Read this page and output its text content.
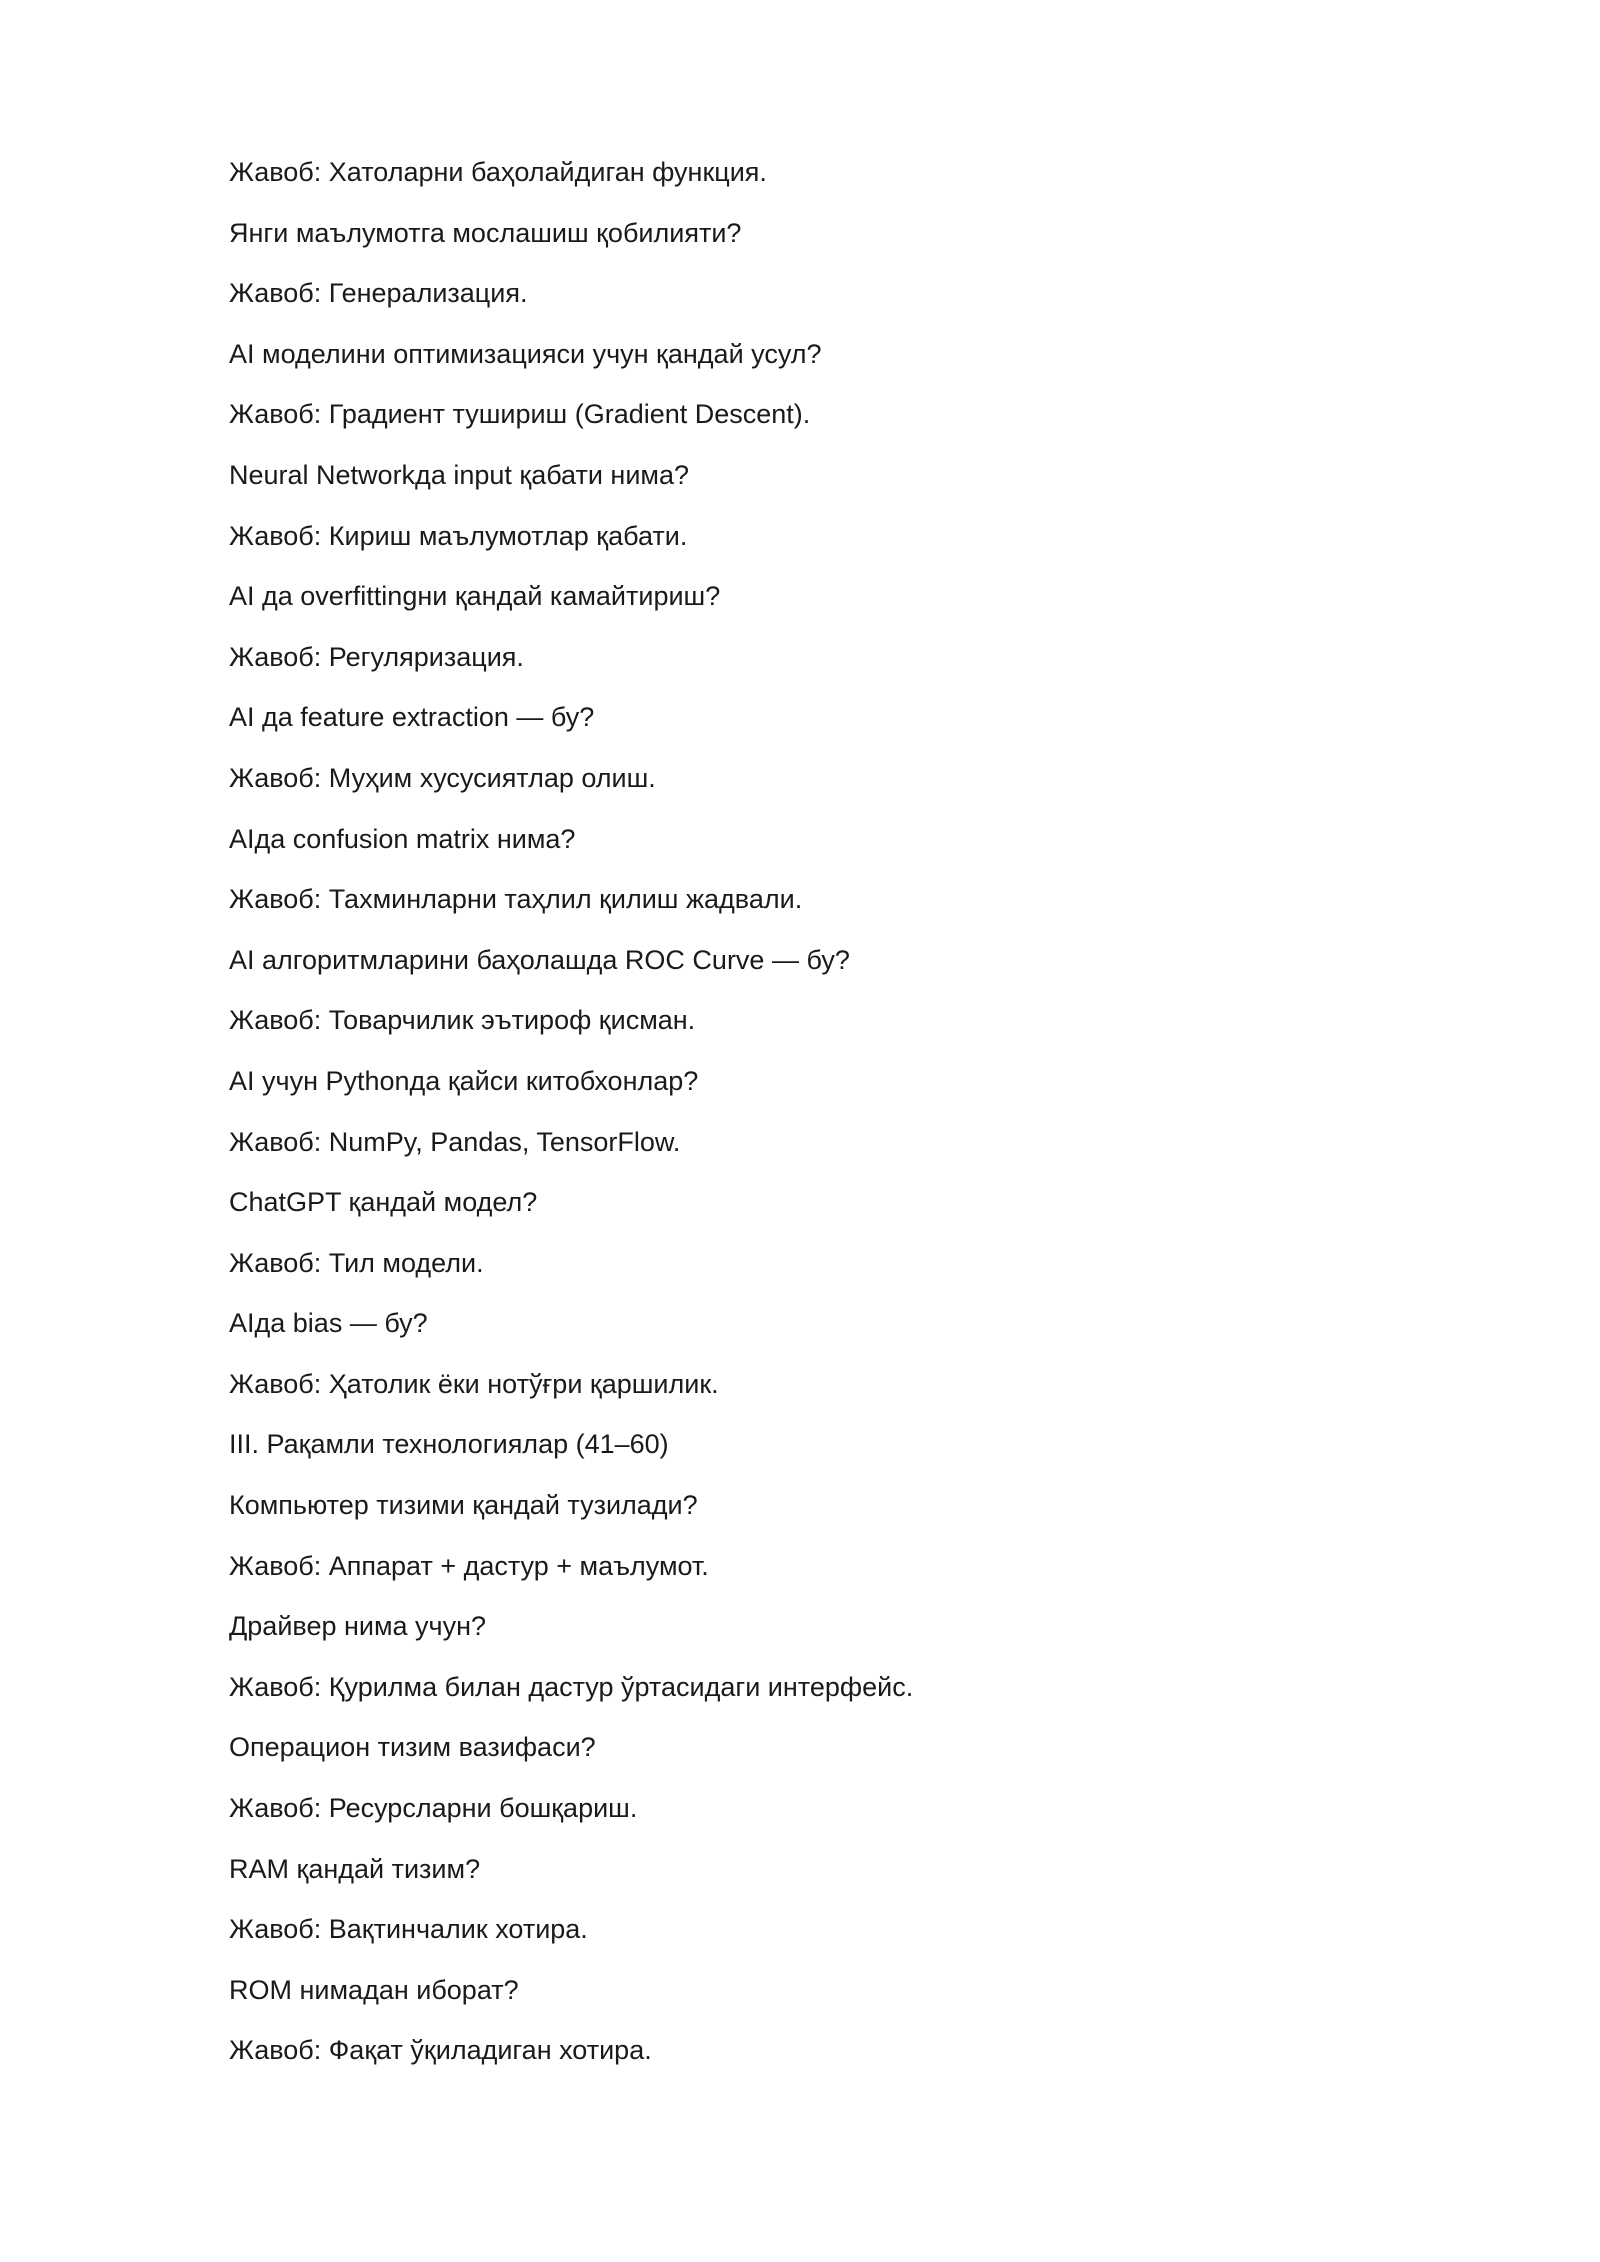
Жавоб: Хатоларни баҳолайдиган функция.
Янги маълумотга мослашиш қобилияти?
Жавоб: Генерализация.
AI моделини оптимизацияси учун қандай усул?
Жавоб: Градиент тушириш (Gradient Descent).
Neural Networkда input қабати нима?
Жавоб: Кириш маълумотлар қабати.
AI да overfittingни қандай камайтириш?
Жавоб: Регуляризация.
AI да feature extraction — бу?
Жавоб: Муҳим хусусиятлар олиш.
AIда confusion matrix нима?
Жавоб: Тахминларни таҳлил қилиш жадвали.
AI алгоритмларини баҳолашда ROC Curve — бу?
Жавоб: Товарчилик эътироф қисман.
AI учун Pythonда қайси китобхонлар?
Жавоб: NumPy, Pandas, TensorFlow.
ChatGPT қандай модел?
Жавоб: Тил модели.
AIда bias — бу?
Жавоб: Ҳатолик ёки нотўғри қаршилик.
III. Рақамли технологиялар (41–60)
Компьютер тизими қандай тузилади?
Жавоб: Аппарат + дастур + маълумот.
Драйвер нима учун?
Жавоб: Қурилма билан дастур ўртасидаги интерфейс.
Операцион тизим вазифаси?
Жавоб: Ресурсларни бошқариш.
RAM қандай тизим?
Жавоб: Вақтинчалик хотира.
ROM нимадан иборат?
Жавоб: Фақат ўқиладиган хотира.
